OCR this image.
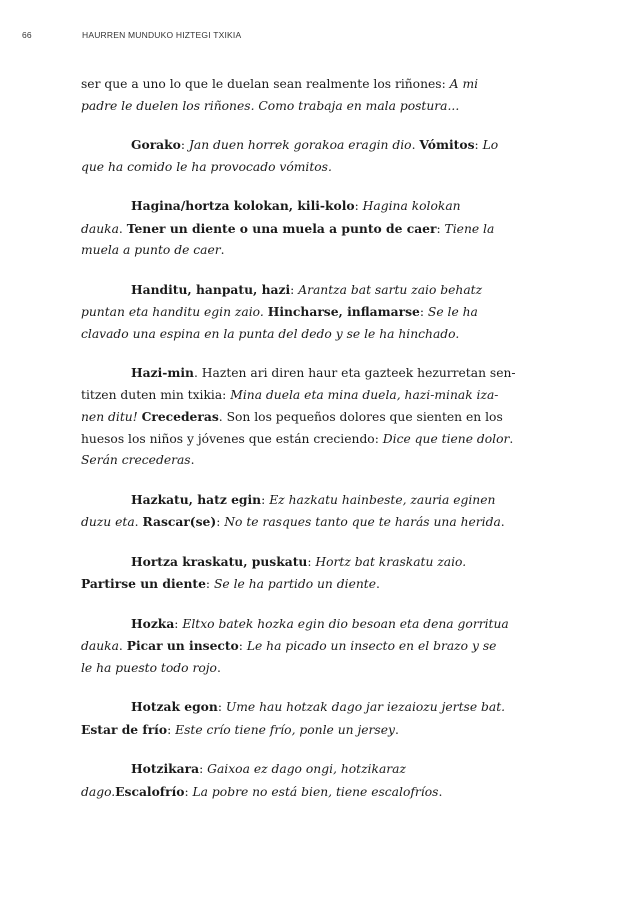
66	HAURREN MUNDUKO HIZTEGI TXIKIA
ser que a uno lo que le duelan sean realmente los riñones: A mi
padre le duelen los riñones. Como trabaja en mala postura...
Gorako: Jan duen horrek gorakoa eragin dio. Vómitos: Lo
que ha comido le ha provocado vómitos.
Hagina/hortza kolokan, kili-kolo: Hagina kolokan
dauka. Tener un diente o una muela a punto de caer: Tiene la
muela a punto de caer.
Handitu, hanpatu, hazi: Arantza bat sartu zaio behatz
puntan eta handitu egin zaio. Hincharse, inflamarse: Se le ha
clavado una espina en la punta del dedo y se le ha hinchado.
Hazi-min. Hazten ari diren haur eta gazteek hezurretan sen-
titzen duten min txikia: Mina duela eta mina duela, hazi-minak iza-
nen ditu! Crecederas. Son los pequeños dolores que sienten en los
huesos los niños y jóvenes que están creciendo: Dice que tiene dolor.
Serán crecederas.
Hazkatu, hatz egin: Ez hazkatu hainbeste, zauria eginen
duzu eta. Rascar(se): No te rasques tanto que te harás una herida.
Hortza kraskatu, puskatu: Hortz bat kraskatu zaio.
Partirse un diente: Se le ha partido un diente.
Hozka: Eltxo batek hozka egin dio besoan eta dena gorritua
dauka. Picar un insecto: Le ha picado un insecto en el brazo y se
le ha puesto todo rojo.
Hotzak egon: Ume hau hotzak dago jar iezaiozu jertse bat.
Estar de frío: Este crío tiene frío, ponle un jersey.
Hotzikara: Gaixoa ez dago ongi, hotzikaraz
dago.Escalofrío: La pobre no está bien, tiene escalofríos.
